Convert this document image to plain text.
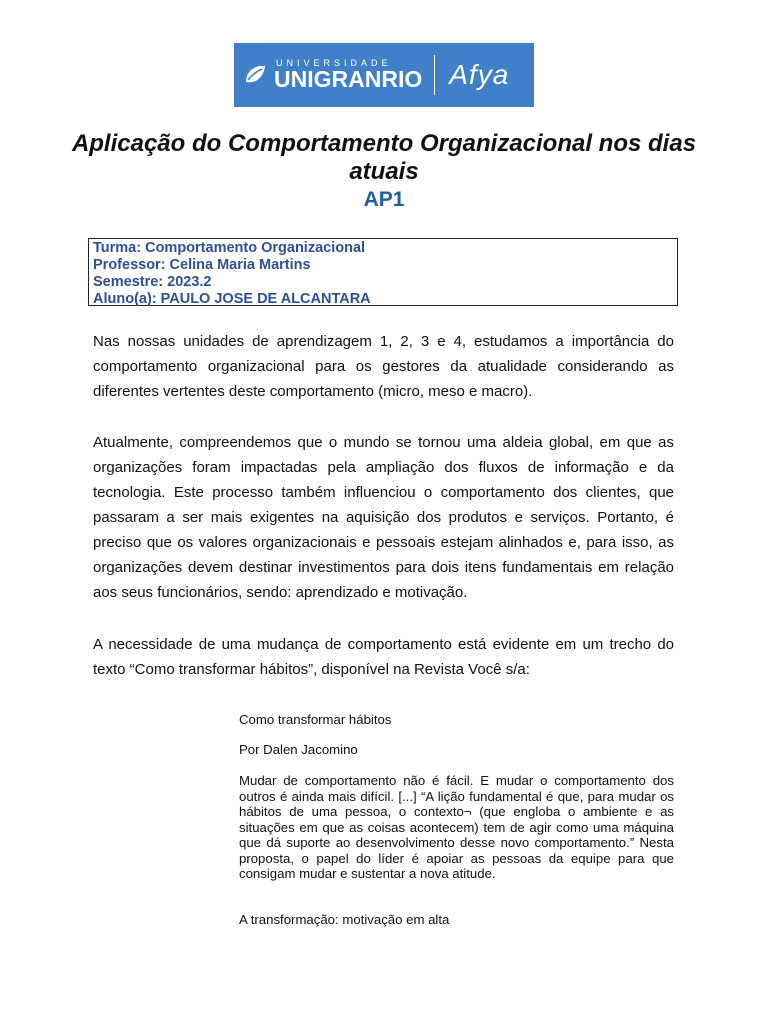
UNIVERSIDADE
UNIGRANRIO Afya
Aplicação do Comportamento Organizacional nos dias atuais
AP1
Turma: Comportamento Organizacional
Professor: Celina Maria Martins
Semestre: 2023.2
Aluno(a): PAULO JOSE DE ALCANTARA

Nas nossas unidades de aprendizagem 1, 2, 3 e 4, estudamos a importância do comportamento organizacional para os gestores da atualidade considerando as diferentes vertentes deste comportamento (micro, meso e macro).

Atualmente, compreendemos que o mundo se tornou uma aldeia global, em que as organizações foram impactadas pela ampliação dos fluxos de informação e da tecnologia. Este processo também influenciou o comportamento dos clientes, que passaram a ser mais exigentes na aquisição dos produtos e serviços. Portanto, é preciso que os valores organizacionais e pessoais estejam alinhados e, para isso, as organizações devem destinar investimentos para dois itens fundamentais em relação aos seus funcionários, sendo: aprendizado e motivação.

A necessidade de uma mudança de comportamento está evidente em um trecho do texto “Como transformar hábitos”, disponível na Revista Você s/a:

Como transformar hábitos
Por Dalen Jacomino
Mudar de comportamento não é fácil. E mudar o comportamento dos outros é ainda mais difícil. [...] “A lição fundamental é que, para mudar os hábitos de uma pessoa, o contexto¬ (que engloba o ambiente e as situações em que as coisas acontecem) tem de agir como uma máquina que dá suporte ao desenvolvimento desse novo comportamento.” Nesta proposta, o papel do líder é apoiar as pessoas da equipe para que consigam mudar e sustentar a nova atitude.
A transformação: motivação em alta
